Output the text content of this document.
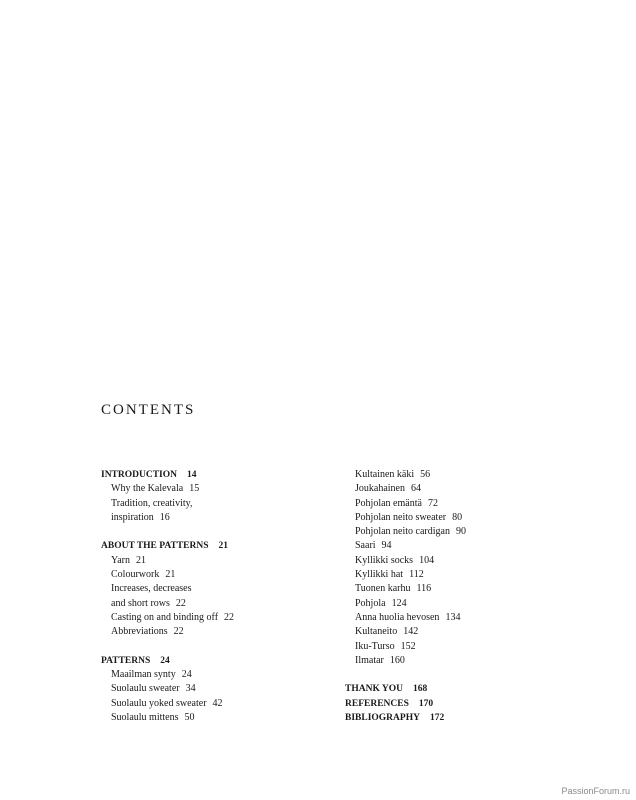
CONTENTS
INTRODUCTION 14
Why the Kalevala 15
Tradition, creativity,
inspiration 16
ABOUT THE PATTERNS 21
Yarn 21
Colourwork 21
Increases, decreases
and short rows 22
Casting on and binding off 22
Abbreviations 22
PATTERNS 24
Maailman synty 24
Suolaulu sweater 34
Suolaulu yoked sweater 42
Suolaulu mittens 50
Kultainen käki 56
Joukahainen 64
Pohjolan emäntä 72
Pohjolan neito sweater 80
Pohjolan neito cardigan 90
Saari 94
Kyllikki socks 104
Kyllikki hat 112
Tuonen karhu 116
Pohjola 124
Anna huolia hevosen 134
Kultaneito 142
Iku-Turso 152
Ilmatar 160
THANK YOU 168
REFERENCES 170
BIBLIOGRAPHY 172
PassionForum.ru
